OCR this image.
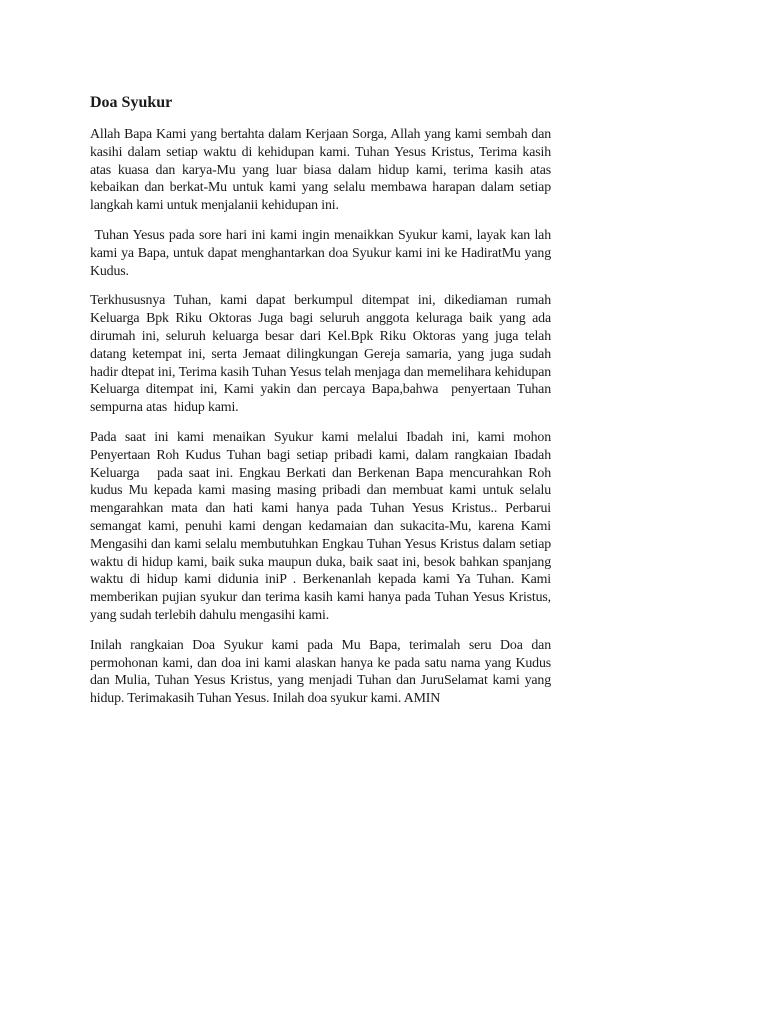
Doa Syukur

Allah Bapa Kami yang bertahta dalam Kerjaan Sorga, Allah yang kami sembah dan kasihi dalam setiap waktu di kehidupan kami. Tuhan Yesus Kristus, Terima kasih atas kuasa dan karya-Mu yang luar biasa dalam hidup kami, terima kasih atas kebaikan dan berkat-Mu untuk kami yang selalu membawa harapan dalam setiap langkah kami untuk menjalanii kehidupan ini.

Tuhan Yesus pada sore hari ini kami ingin menaikkan Syukur kami, layak kan lah kami ya Bapa, untuk dapat menghantarkan doa Syukur kami ini ke HadiratMu yang Kudus.

Terkhususnya Tuhan, kami dapat berkumpul ditempat ini, dikediaman rumah Keluarga Bpk Riku Oktoras Juga bagi seluruh anggota keluraga baik yang ada dirumah ini, seluruh keluarga besar dari Kel.Bpk Riku Oktoras yang juga telah datang ketempat ini, serta Jemaat dilingkungan Gereja samaria, yang juga sudah hadir dtepat ini, Terima kasih Tuhan Yesus telah menjaga dan memelihara kehidupan Keluarga ditempat ini, Kami yakin dan percaya Bapa,bahwa  penyertaan Tuhan sempurna atas  hidup kami.

Pada saat ini kami menaikan Syukur kami melalui Ibadah ini, kami mohon Penyertaan Roh Kudus Tuhan bagi setiap pribadi kami, dalam rangkaian Ibadah Keluarga   pada saat ini. Engkau Berkati dan Berkenan Bapa mencurahkan Roh kudus Mu kepada kami masing masing pribadi dan membuat kami untuk selalu mengarahkan mata dan hati kami hanya pada Tuhan Yesus Kristus.. Perbarui semangat kami, penuhi kami dengan kedamaian dan sukacita-Mu, karena Kami Mengasihi dan kami selalu membutuhkan Engkau Tuhan Yesus Kristus dalam setiap waktu di hidup kami, baik suka maupun duka, baik saat ini, besok bahkan spanjang waktu di hidup kami didunia iniP . Berkenanlah kepada kami Ya Tuhan. Kami memberikan pujian syukur dan terima kasih kami hanya pada Tuhan Yesus Kristus, yang sudah terlebih dahulu mengasihi kami.

Inilah rangkaian Doa Syukur kami pada Mu Bapa, terimalah seru Doa dan permohonan kami, dan doa ini kami alaskan hanya ke pada satu nama yang Kudus dan Mulia, Tuhan Yesus Kristus, yang menjadi Tuhan dan JuruSelamat kami yang hidup. Terimakasih Tuhan Yesus. Inilah doa syukur kami. AMIN
